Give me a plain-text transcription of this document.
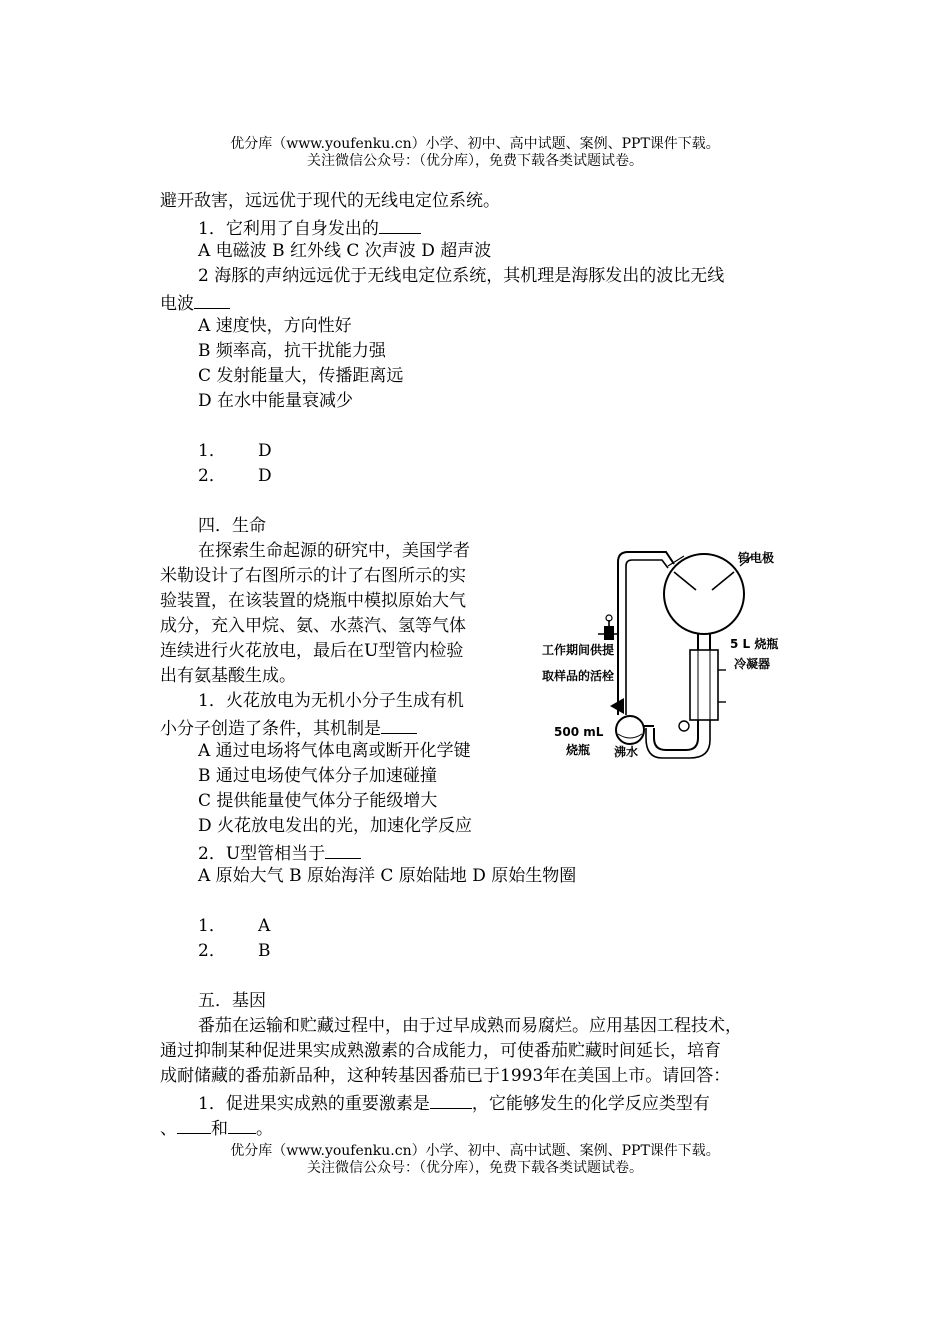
优分库（www.youfenku.cn）小学、初中、高中试题、案例、PPT课件下载。
关注微信公众号：（优分库），免费下载各类试题试卷。
避开敌害，远远优于现代的无线电定位系统。
1．它利用了自身发出的
A 电磁波 B 红外线 C 次声波 D 超声波
2 海豚的声纳远远优于无线电定位系统，其机理是海豚发出的波比无线
电波
A 速度快，方向性好
B 频率高，抗干扰能力强
C 发射能量大，传播距离远
D 在水中能量衰减少
1． D
2． D
四．生命
在探索生命起源的研究中，美国学者
米勒设计了右图所示的计了右图所示的实
验装置，在该装置的烧瓶中模拟原始大气
成分，充入甲烷、氨、水蒸汽、氢等气体
连续进行火花放电，最后在U型管内检验
出有氨基酸生成。
1．火花放电为无机小分子生成有机
小分子创造了条件，其机制是
A 通过电场将气体电离或断开化学键
B 通过电场使气体分子加速碰撞
C 提供能量使气体分子能级增大
D 火花放电发出的光，加速化学反应
2．U型管相当于
A 原始大气 B 原始海洋 C 原始陆地 D 原始生物圈
1． A
2． B
钨电极
5 L 烧瓶
冷凝器
工作期间供提
取样品的活栓
500 mL
烧瓶 沸水
五．基因
番茄在运输和贮藏过程中，由于过早成熟而易腐烂。应用基因工程技术，
通过抑制某种促进果实成熟激素的合成能力，可使番茄贮藏时间延长，培育
成耐储藏的番茄新品种，这种转基因番茄已于1993年在美国上市。请回答：
1．促进果实成熟的重要激素是 ，它能够发生的化学反应类型有
、 和 。
优分库（www.youfenku.cn）小学、初中、高中试题、案例、PPT课件下载。
关注微信公众号：（优分库），免费下载各类试题试卷。
